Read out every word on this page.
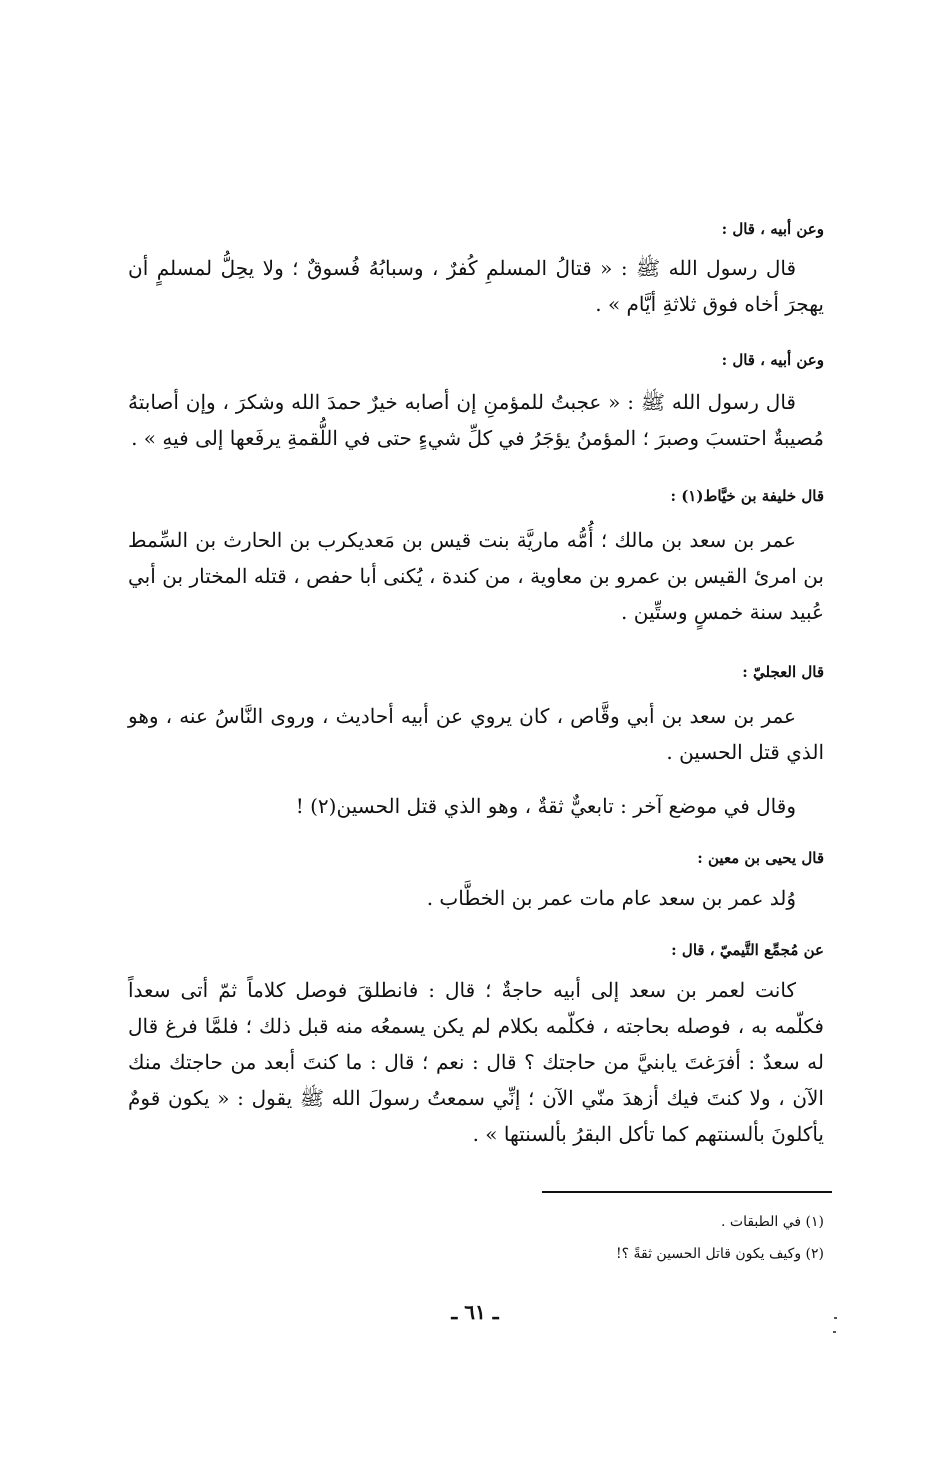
وعن أبيه ، قال :

قال رسول الله ﷺ : « قتالُ المسلمِ كُفرٌ ، وسبابُهُ فُسوقٌ ؛ ولا يحِلُّ لمسلمٍ أن يهجرَ أخاه فوق ثلاثةِ أيَّام » .

وعن أبيه ، قال :

قال رسول الله ﷺ : « عجبتُ للمؤمنِ إن أصابه خيرٌ حمدَ الله وشكرَ ، وإن أصابتهُ مُصيبةٌ احتسبَ وصبرَ ؛ المؤمنُ يؤجَرُ في كلِّ شيءٍ حتى في اللُّقمةِ يرفَعها إلى فيهِ » .

قال خليفة بن خيَّاط(١) :

عمر بن سعد بن مالك ؛ أُمُّه ماريَّة بنت قيس بن مَعديكرب بن الحارث بن السِّمط بن امرئ القيس بن عمرو بن معاوية ، من كندة ، يُكنى أبا حفص ، قتله المختار بن أبي عُبيد سنة خمسٍ وستِّين .

قال العجليّ :

عمر بن سعد بن أبي وقَّاص ، كان يروي عن أبيه أحاديث ، وروى النَّاسُ عنه ، وهو الذي قتل الحسين .

وقال في موضع آخر : تابعيٌّ ثقةٌ ، وهو الذي قتل الحسين(٢) !

قال يحيى بن معين :

وُلد عمر بن سعد عام مات عمر بن الخطَّاب .

عن مُجمِّع التَّيميّ ، قال :

كانت لعمر بن سعد إلى أبيه حاجةٌ ؛ قال : فانطلقَ فوصل كلاماً ثمّ أتى سعداً فكلّمه به ، فوصله بحاجته ، فكلّمه بكلام لم يكن يسمعُه منه قبل ذلك ؛ فلمَّا فرغ قال له سعدٌ : أفرَغتَ يابنيَّ من حاجتك ؟ قال : نعم ؛ قال : ما كنتَ أبعد من حاجتك منك الآن ، ولا كنتَ فيك أزهدَ منّي الآن ؛ إنِّي سمعتُ رسولَ الله ﷺ يقول : « يكون قومٌ يأكلونَ بألسنتهم كما تأكل البقرُ بألسنتها » .

(١) في الطبقات .
(٢) وكيف يكون قاتل الحسين ثقةً ؟!
ـ ٦١ ـ
